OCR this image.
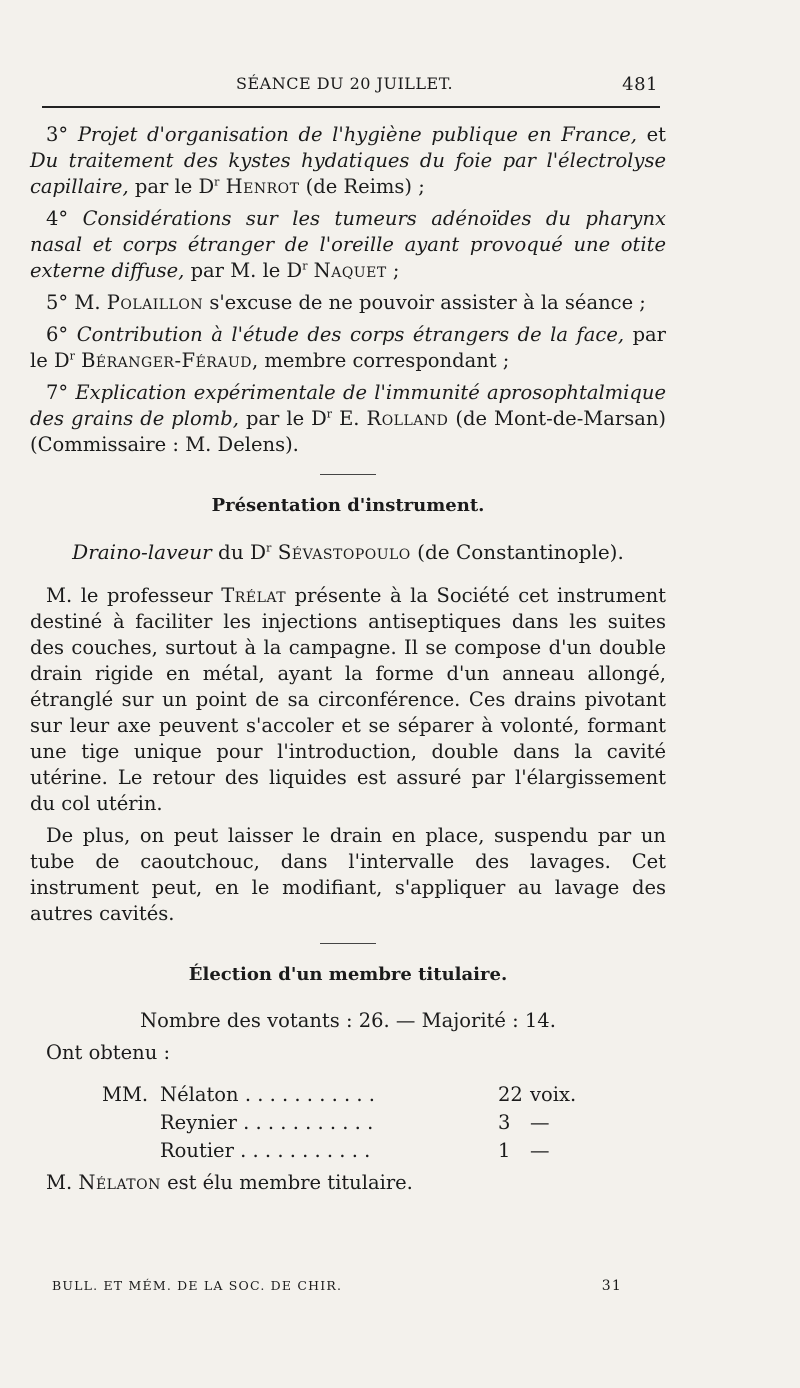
SÉANCE DU 20 JUILLET.	481

3° Projet d'organisation de l'hygiène publique en France, et Du traitement des kystes hydatiques du foie par l'électrolyse capillaire, par le $D^r$ Henrot (de Reims) ;

4° Considérations sur les tumeurs adénoïdes du pharynx nasal et corps étranger de l'oreille ayant provoqué une otite externe diffuse, par M. le $D^r$ Naquet ;

5° M. Polaillon s'excuse de ne pouvoir assister à la séance ;

6° Contribution à l'étude des corps étrangers de la face, par le $D^r$ Béranger-Féraud, membre correspondant ;

7° Explication expérimentale de l'immunité aprosophtalmique des grains de plomb, par le $D^r$ E. Rolland (de Mont-de-Marsan) (Commissaire : M. Delens).

Présentation d'instrument.
Draino-laveur du $D^r$ Sévastopoulo (de Constantinople).

M. le professeur Trélat présente à la Société cet instrument destiné à faciliter les injections antiseptiques dans les suites des couches, surtout à la campagne. Il se compose d'un double drain rigide en métal, ayant la forme d'un anneau allongé, étranglé sur un point de sa circonférence. Ces drains pivotant sur leur axe peuvent s'accoler et se séparer à volonté, formant une tige unique pour l'introduction, double dans la cavité utérine. Le retour des liquides est assuré par l'élargissement du col utérin.

De plus, on peut laisser le drain en place, suspendu par un tube de caoutchouc, dans l'intervalle des lavages. Cet instrument peut, en le modifiant, s'appliquer au lavage des autres cavités.

Élection d'un membre titulaire.
Nombre des votants : 26. — Majorité : 14.
Ont obtenu :
MM. Nélaton . . . . . . . . . . .	22 voix.
Reynier . . . . . . . . . . .	3 —
Routier . . . . . . . . . . .	1 —

M. Nélaton est élu membre titulaire.

BULL. ET MÉM. DE LA SOC. DE CHIR.	31
